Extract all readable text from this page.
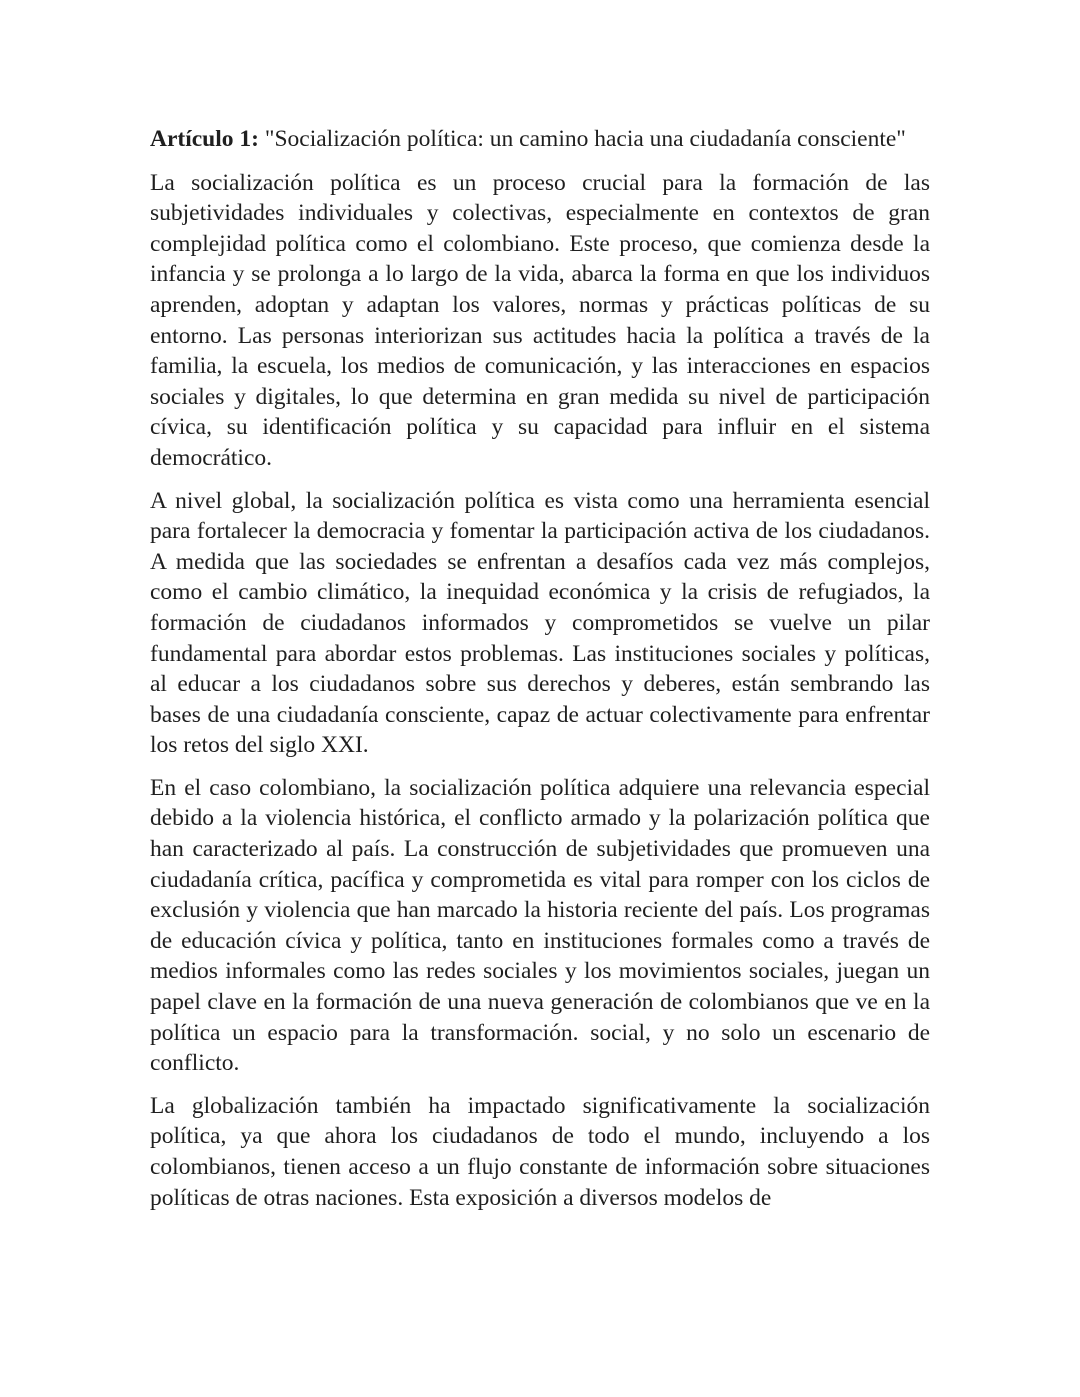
Artículo 1: "Socialización política: un camino hacia una ciudadanía consciente"

La socialización política es un proceso crucial para la formación de las subjetividades individuales y colectivas, especialmente en contextos de gran complejidad política como el colombiano. Este proceso, que comienza desde la infancia y se prolonga a lo largo de la vida, abarca la forma en que los individuos aprenden, adoptan y adaptan los valores, normas y prácticas políticas de su entorno. Las personas interiorizan sus actitudes hacia la política a través de la familia, la escuela, los medios de comunicación, y las interacciones en espacios sociales y digitales, lo que determina en gran medida su nivel de participación cívica, su identificación política y su capacidad para influir en el sistema democrático.

A nivel global, la socialización política es vista como una herramienta esencial para fortalecer la democracia y fomentar la participación activa de los ciudadanos. A medida que las sociedades se enfrentan a desafíos cada vez más complejos, como el cambio climático, la inequidad económica y la crisis de refugiados, la formación de ciudadanos informados y comprometidos se vuelve un pilar fundamental para abordar estos problemas. Las instituciones sociales y políticas, al educar a los ciudadanos sobre sus derechos y deberes, están sembrando las bases de una ciudadanía consciente, capaz de actuar colectivamente para enfrentar los retos del siglo XXI.

En el caso colombiano, la socialización política adquiere una relevancia especial debido a la violencia histórica, el conflicto armado y la polarización política que han caracterizado al país. La construcción de subjetividades que promueven una ciudadanía crítica, pacífica y comprometida es vital para romper con los ciclos de exclusión y violencia que han marcado la historia reciente del país. Los programas de educación cívica y política, tanto en instituciones formales como a través de medios informales como las redes sociales y los movimientos sociales, juegan un papel clave en la formación de una nueva generación de colombianos que ve en la política un espacio para la transformación. social, y no solo un escenario de conflicto.

La globalización también ha impactado significativamente la socialización política, ya que ahora los ciudadanos de todo el mundo, incluyendo a los colombianos, tienen acceso a un flujo constante de información sobre situaciones políticas de otras naciones. Esta exposición a diversos modelos de
